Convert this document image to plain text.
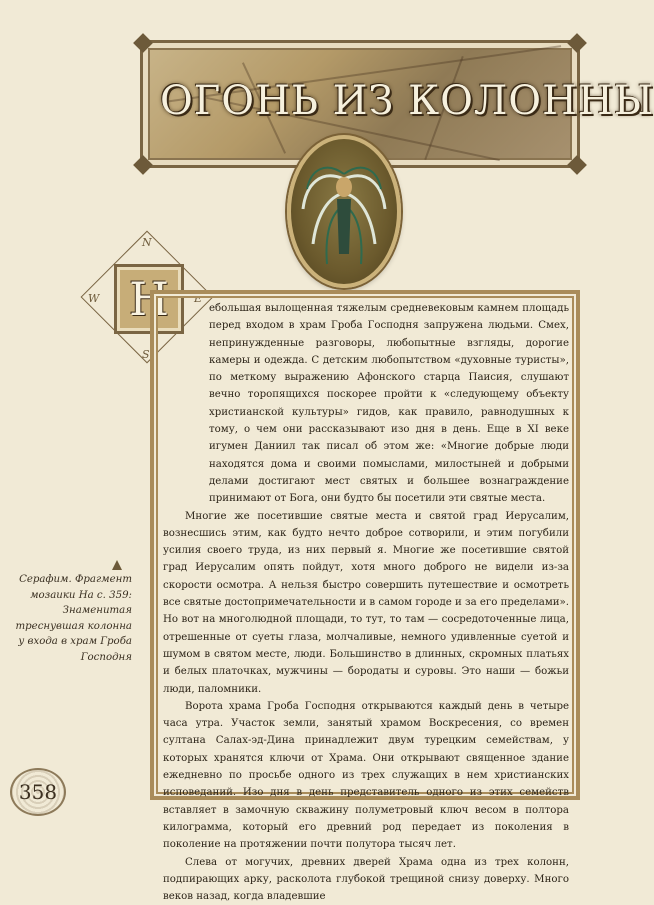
ОГОНЬ ИЗ КОЛОННЫ
N
W	E
S
Н	ебольшая вылощенная тяжелым средневековым камнем площадь перед входом в храм Гроба Господня запружена людьми. Смех, непринужденные разговоры, любопытные взгляды, дорогие камеры и одежда. С детским любопытством «духовные туристы», по меткому выражению Афонского старца Паисия, слушают вечно торопящихся поскорее пройти к «следующему объекту христианской культуры» гидов, как правило, равнодушных к тому, о чем они рассказывают изо дня в день. Еще в XI веке игумен Даниил так писал об этом же: «Многие добрые люди находятся дома и своими помыслами, милостыней и добрыми делами достигают мест святых и большее вознаграждение принимают от Бога, они будто бы посетили эти святые места.

Многие же посетившие святые места и святой град Иерусалим, вознесшись этим, как будто нечто доброе сотворили, и этим погубили усилия своего труда, из них первый я. Многие же посетившие святой град Иерусалим опять пойдут, хотя много доброго не видели из-за скорости осмотра. А нельзя быстро совершить путешествие и осмотреть все святые достопримечательности и в самом городе и за его пределами». Но вот на многолюдной площади, то тут, то там — сосредоточенные лица, отрешенные от суеты глаза, молчаливые, немного удивленные суетой и шумом в святом месте, люди. Большинство в длинных, скромных платьях и белых платочках, мужчины — бородаты и суровы. Это наши — божьи люди, паломники.

Ворота храма Гроба Господня открываются каждый день в четыре часа утра. Участок земли, занятый храмом Воскресения, со времен султана Салах-эд-Дина принадлежит двум турецким семействам, у которых хранятся ключи от Храма. Они открывают священное здание ежедневно по просьбе одного из трех служащих в нем христианских исповеданий. Изо дня в день представитель одного из этих семейств вставляет в замочную скважину полуметровый ключ весом в полтора килограмма, который его древний род передает из поколения в поколение на протяжении почти полутора тысяч лет.

Слева от могучих, древних дверей Храма одна из трех колонн, подпирающих арку, расколота глубокой трещиной снизу доверху. Много веков назад, когда владевшие

Серафим. Фрагмент мозаики На с. 359: Знаменитая треснувшая колонна у входа в храм Гроба Господня
358
